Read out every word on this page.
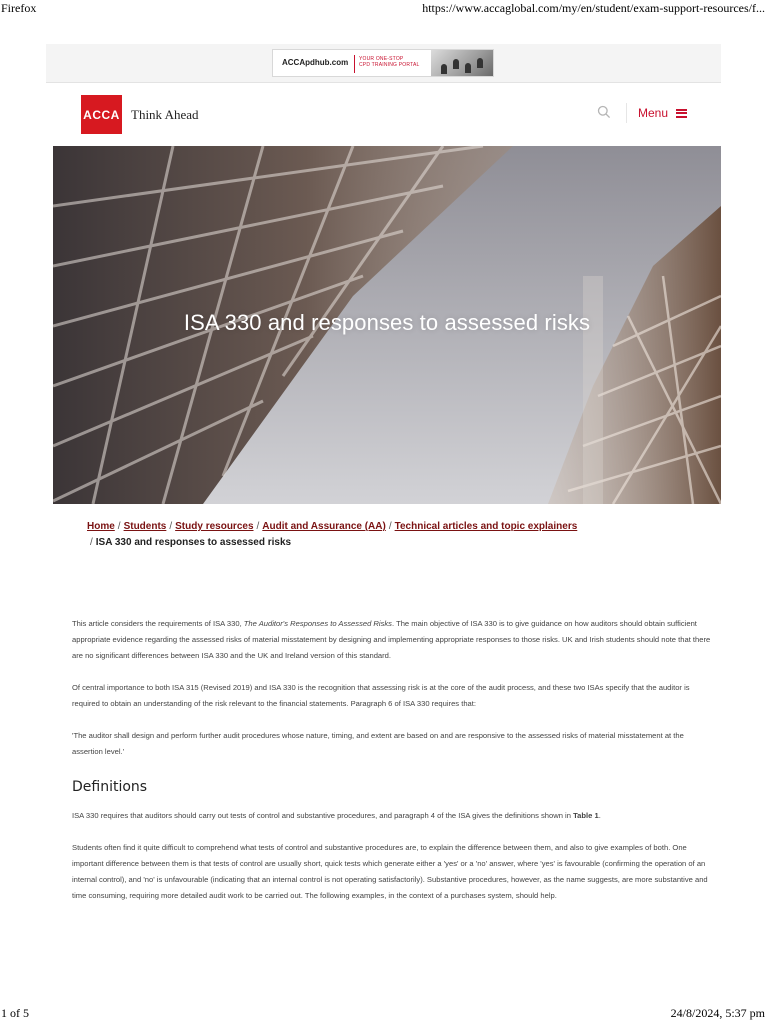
Firefox	https://www.accaglobal.com/my/en/student/exam-support-resources/f...
ACCApdhub.com YOUR ONE-STOP
CPD TRAINING PORTAL
ACCA Think Ahead	Menu
ISA 330 and responses to assessed risks
Home / Students / Study resources / Audit and Assurance (AA) / Technical articles and topic explainers
/ ISA 330 and responses to assessed risks

This article considers the requirements of ISA 330, The Auditor's Responses to Assessed Risks. The main objective of ISA 330 is to give guidance on how auditors should obtain sufficient appropriate evidence regarding the assessed risks of material misstatement by designing and implementing appropriate responses to those risks. UK and Irish students should note that there are no significant differences between ISA 330 and the UK and Ireland version of this standard.

Of central importance to both ISA 315 (Revised 2019) and ISA 330 is the recognition that assessing risk is at the core of the audit process, and these two ISAs specify that the auditor is required to obtain an understanding of the risk relevant to the financial statements. Paragraph 6 of ISA 330 requires that:

'The auditor shall design and perform further audit procedures whose nature, timing, and extent are based on and are responsive to the assessed risks of material misstatement at the assertion level.'

Definitions

ISA 330 requires that auditors should carry out tests of control and substantive procedures, and paragraph 4 of the ISA gives the definitions shown in Table 1.

Students often find it quite difficult to comprehend what tests of control and substantive procedures are, to explain the difference between them, and also to give examples of both. One important difference between them is that tests of control are usually short, quick tests which generate either a 'yes' or a 'no' answer, where 'yes' is favourable (confirming the operation of an internal control), and 'no' is unfavourable (indicating that an internal control is not operating satisfactorily). Substantive procedures, however, as the name suggests, are more substantive and time consuming, requiring more detailed audit work to be carried out. The following examples, in the context of a purchases system, should help.

1 of 5	24/8/2024, 5:37 pm
